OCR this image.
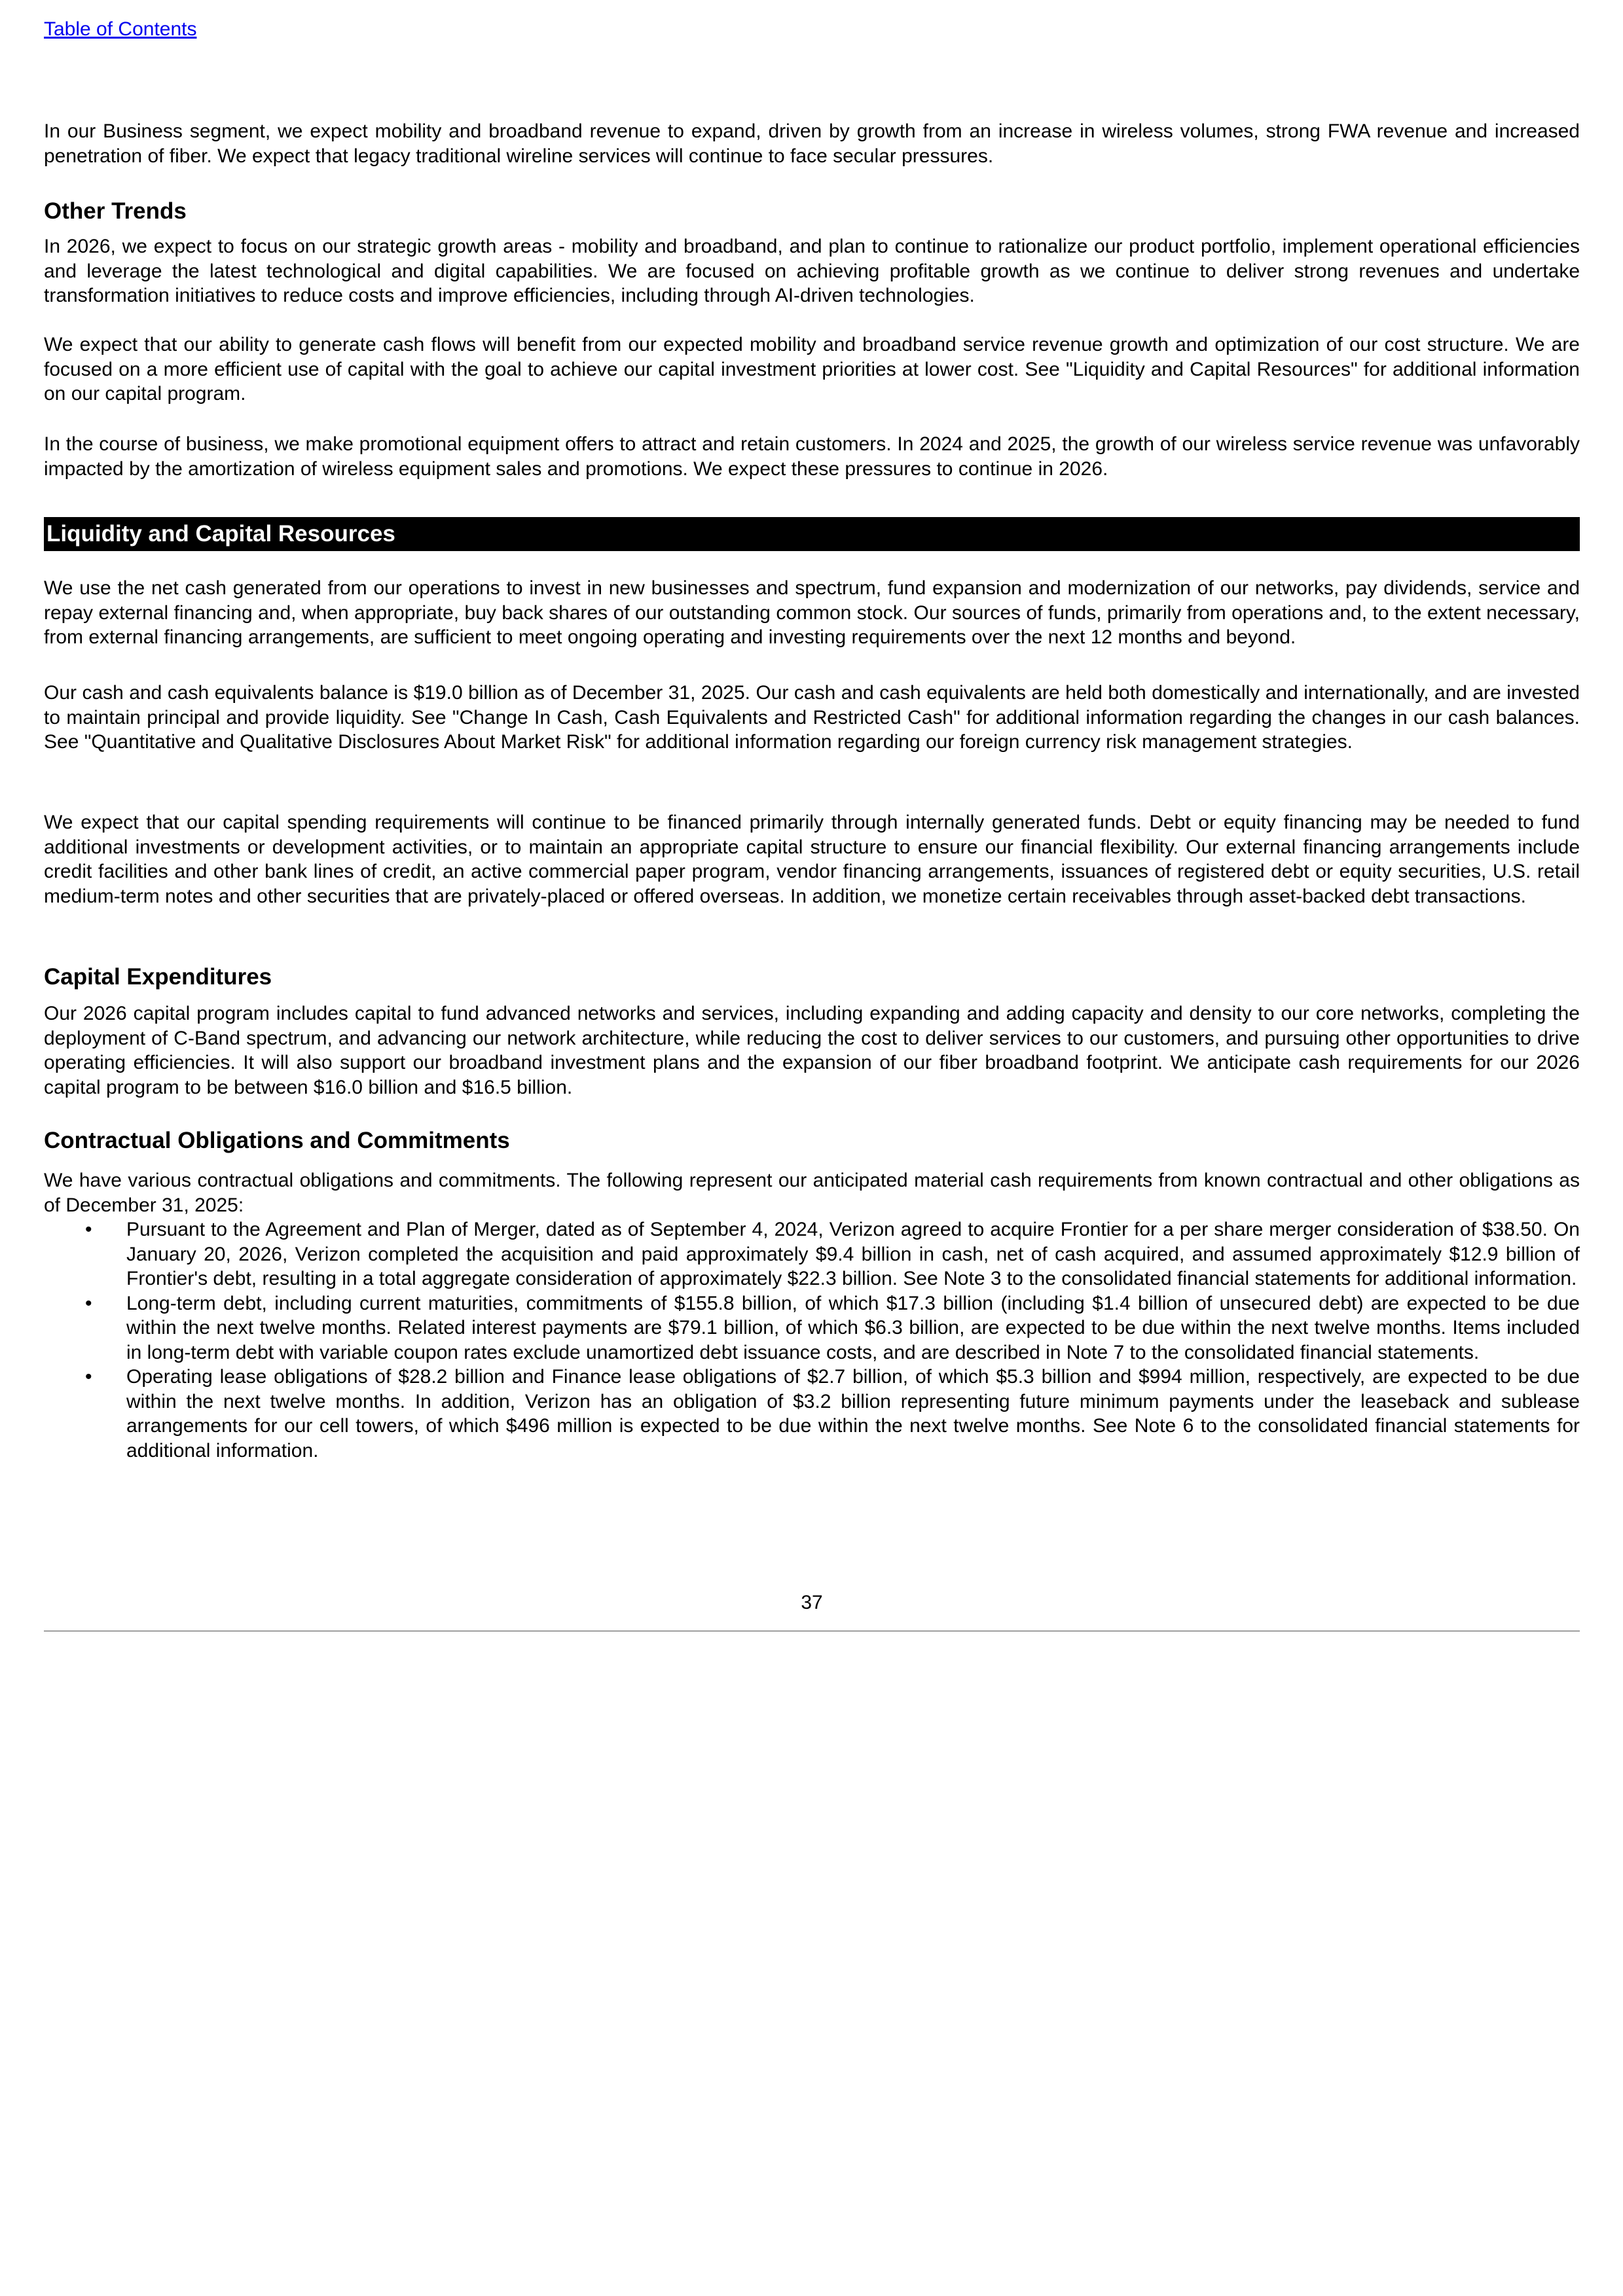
Table of Contents

In our Business segment, we expect mobility and broadband revenue to expand, driven by growth from an increase in wireless volumes, strong FWA revenue and increased penetration of fiber. We expect that legacy traditional wireline services will continue to face secular pressures.

Other Trends

In 2026, we expect to focus on our strategic growth areas - mobility and broadband, and plan to continue to rationalize our product portfolio, implement operational efficiencies and leverage the latest technological and digital capabilities. We are focused on achieving profitable growth as we continue to deliver strong revenues and undertake transformation initiatives to reduce costs and improve efficiencies, including through AI-driven technologies.

We expect that our ability to generate cash flows will benefit from our expected mobility and broadband service revenue growth and optimization of our cost structure. We are focused on a more efficient use of capital with the goal to achieve our capital investment priorities at lower cost. See "Liquidity and Capital Resources" for additional information on our capital program.

In the course of business, we make promotional equipment offers to attract and retain customers. In 2024 and 2025, the growth of our wireless service revenue was unfavorably impacted by the amortization of wireless equipment sales and promotions. We expect these pressures to continue in 2026.

Liquidity and Capital Resources

We use the net cash generated from our operations to invest in new businesses and spectrum, fund expansion and modernization of our networks, pay dividends, service and repay external financing and, when appropriate, buy back shares of our outstanding common stock. Our sources of funds, primarily from operations and, to the extent necessary, from external financing arrangements, are sufficient to meet ongoing operating and investing requirements over the next 12 months and beyond.

Our cash and cash equivalents balance is $19.0 billion as of December 31, 2025. Our cash and cash equivalents are held both domestically and internationally, and are invested to maintain principal and provide liquidity. See "Change In Cash, Cash Equivalents and Restricted Cash" for additional information regarding the changes in our cash balances. See "Quantitative and Qualitative Disclosures About Market Risk" for additional information regarding our foreign currency risk management strategies.

We expect that our capital spending requirements will continue to be financed primarily through internally generated funds. Debt or equity financing may be needed to fund additional investments or development activities, or to maintain an appropriate capital structure to ensure our financial flexibility. Our external financing arrangements include credit facilities and other bank lines of credit, an active commercial paper program, vendor financing arrangements, issuances of registered debt or equity securities, U.S. retail medium-term notes and other securities that are privately-placed or offered overseas. In addition, we monetize certain receivables through asset-backed debt transactions.

Capital Expenditures

Our 2026 capital program includes capital to fund advanced networks and services, including expanding and adding capacity and density to our core networks, completing the deployment of C-Band spectrum, and advancing our network architecture, while reducing the cost to deliver services to our customers, and pursuing other opportunities to drive operating efficiencies. It will also support our broadband investment plans and the expansion of our fiber broadband footprint. We anticipate cash requirements for our 2026 capital program to be between $16.0 billion and $16.5 billion.

Contractual Obligations and Commitments

We have various contractual obligations and commitments. The following represent our anticipated material cash requirements from known contractual and other obligations as of December 31, 2025:

• Pursuant to the Agreement and Plan of Merger, dated as of September 4, 2024, Verizon agreed to acquire Frontier for a per share merger consideration of $38.50. On January 20, 2026, Verizon completed the acquisition and paid approximately $9.4 billion in cash, net of cash acquired, and assumed approximately $12.9 billion of Frontier's debt, resulting in a total aggregate consideration of approximately $22.3 billion. See Note 3 to the consolidated financial statements for additional information.
• Long-term debt, including current maturities, commitments of $155.8 billion, of which $17.3 billion (including $1.4 billion of unsecured debt) are expected to be due within the next twelve months. Related interest payments are $79.1 billion, of which $6.3 billion, are expected to be due within the next twelve months. Items included in long-term debt with variable coupon rates exclude unamortized debt issuance costs, and are described in Note 7 to the consolidated financial statements.
• Operating lease obligations of $28.2 billion and Finance lease obligations of $2.7 billion, of which $5.3 billion and $994 million, respectively, are expected to be due within the next twelve months. In addition, Verizon has an obligation of $3.2 billion representing future minimum payments under the leaseback and sublease arrangements for our cell towers, of which $496 million is expected to be due within the next twelve months. See Note 6 to the consolidated financial statements for additional information.
37
